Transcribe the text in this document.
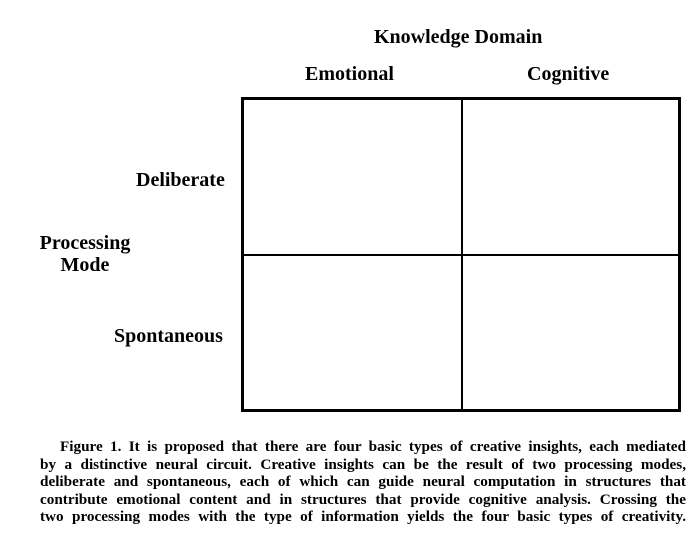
Knowledge Domain
Emotional	Cognitive
Processing
Mode
Deliberate
Spontaneous
Figure 1. It is proposed that there are four basic types of creative insights, each mediated
by a distinctive neural circuit. Creative insights can be the result of two processing modes,
deliberate and spontaneous, each of which can guide neural computation in structures that
contribute emotional content and in structures that provide cognitive analysis. Crossing the
two processing modes with the type of information yields the four basic types of creativity.
